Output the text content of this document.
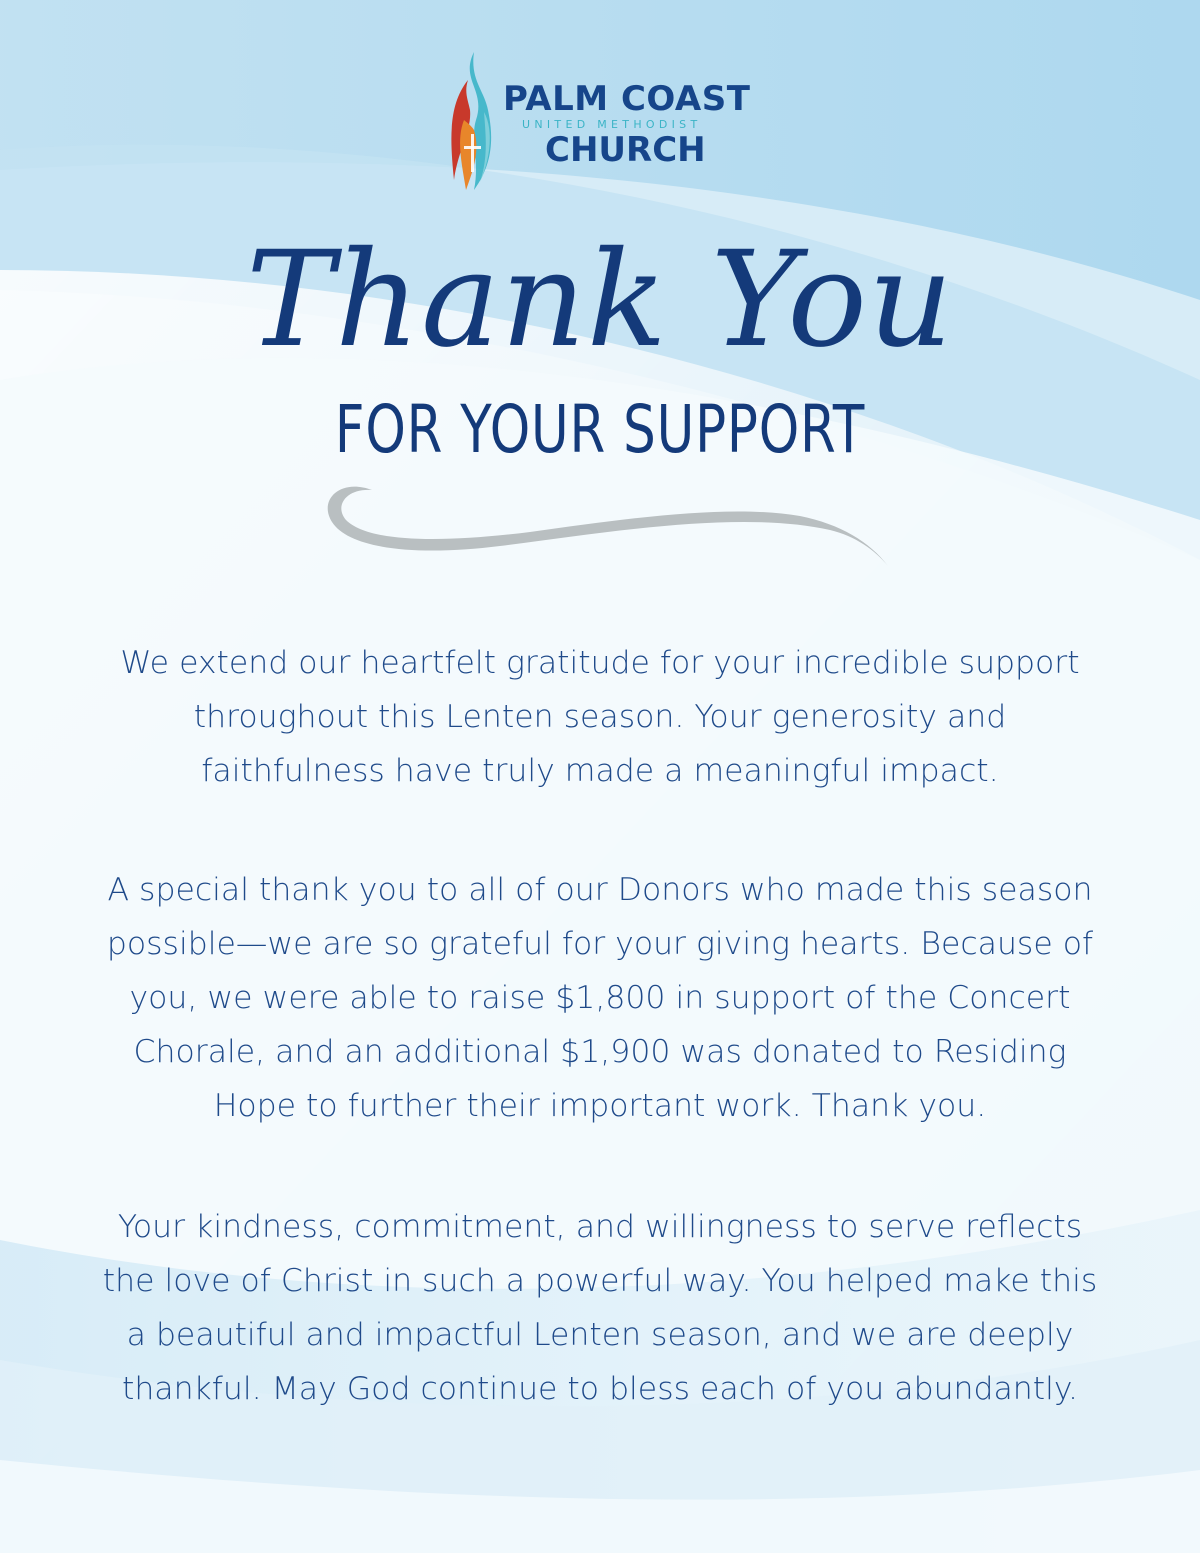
PALM COAST
UNITED METHODIST
CHURCH
Thank You
FOR YOUR SUPPORT

We extend our heartfelt gratitude for your incredible support
throughout this Lenten season. Your generosity and
faithfulness have truly made a meaningful impact.

A special thank you to all of our Donors who made this season
possible—we are so grateful for your giving hearts. Because of
you, we were able to raise $1,800 in support of the Concert
Chorale, and an additional $1,900 was donated to Residing
Hope to further their important work. Thank you.

Your kindness, commitment, and willingness to serve reflects
the love of Christ in such a powerful way. You helped make this
a beautiful and impactful Lenten season, and we are deeply
thankful. May God continue to bless each of you abundantly.
